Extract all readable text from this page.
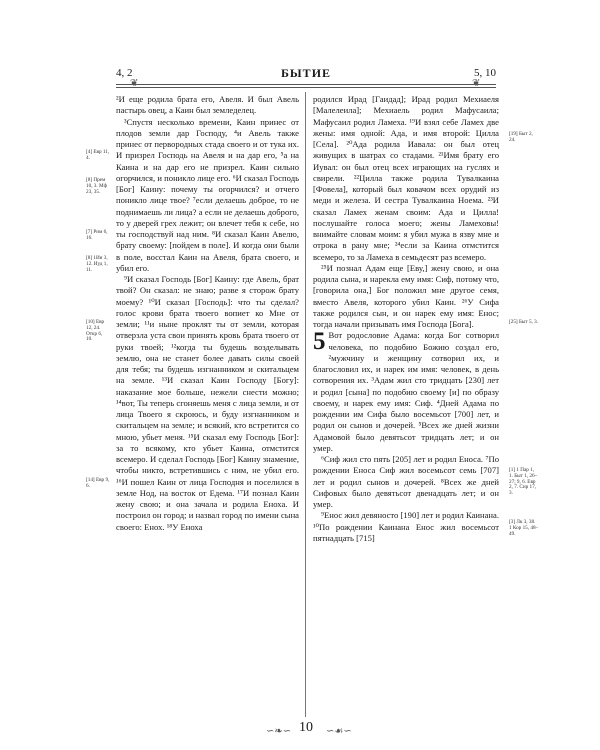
4, 2	БЫТИЕ	5, 10
❦	❦
[4] Евр 11, 4.
[8] Прем 10, 3. Мф 23, 35.
[7] Рим 6, 16.
[8] 1Ин 3, 12. Иуд 1, 11.
[10] Евр 12, 24. Откр 6, 10.
[14] Евр 9, 6.
[19] Быт 2, 24.
[25] Быт 5, 3.
[1] 1 Пар 1, 1. Быт 1, 26–27; 9, 6. Евр 2, 7. Сир 17, 3.
[3] Лк 3, 38. 1 Кор 15, 48–49.

²И еще родила брата его, Авеля. И был Авель пастырь овец, а Каин был земледелец.

³Спустя несколько времени, Каин принес от плодов земли дар Господу, ⁴и Авель также принес от первородных стада своего и от тука их. И призрел Господь на Авеля и на дар его, ⁵а на Каина и на дар его не призрел. Каин сильно огорчился, и поникло лице его. ⁶И сказал Господь [Бог] Каину: почему ты огорчился? и отчего поникло лице твое? ⁷если делаешь доброе, то не поднимаешь ли лица? а если не делаешь доброго, то у дверей грех лежит; он влечет тебя к себе, но ты господствуй над ним. ⁸И сказал Каин Авелю, брату своему: [пойдем в поле]. И когда они были в поле, восстал Каин на Авеля, брата своего, и убил его.

⁹И сказал Господь [Бог] Каину: где Авель, брат твой? Он сказал: не знаю; разве я сторож брату моему? ¹⁰И сказал [Господь]: что ты сделал? голос крови брата твоего вопиет ко Мне от земли; ¹¹и ныне проклят ты от земли, которая отверзла уста свои принять кровь брата твоего от руки твоей; ¹²когда ты будешь возделывать землю, она не станет более давать силы своей для тебя; ты будешь изгнанником и скитальцем на земле. ¹³И сказал Каин Господу [Богу]: наказание мое больше, нежели снести можно; ¹⁴вот, Ты теперь сгоняешь меня с лица земли, и от лица Твоего я скроюсь, и буду изгнанником и скитальцем на земле; и всякий, кто встретится со мною, убьет меня. ¹⁵И сказал ему Господь [Бог]: за то всякому, кто убьет Каина, отмстится всемеро. И сделал Господь [Бог] Каину знамение, чтобы никто, встретившись с ним, не убил его. ¹⁶И пошел Каин от лица Господня и поселился в земле Нод, на восток от Едема. ¹⁷И познал Каин жену свою; и она зачала и родила Еноха. И построил он город; и назвал город по имени сына своего: Енох. ¹⁸У Еноха

родился Ирад [Гаидад]; Ирад родил Мехиаеля [Малелеила]; Мехиаель родил Мафусаила; Мафусаил родил Ламеха. ¹⁹И взял себе Ламех две жены: имя одной: Ада, и имя второй: Цилла [Села]. ²⁰Ада родила Иавала: он был отец живущих в шатрах со стадами. ²¹Имя брату его Иувал: он был отец всех играющих на гуслях и свирели. ²²Цилла также родила Тувалкаина [Фовела], который был ковачом всех орудий из меди и железа. И сестра Тувалкаина Ноема. ²³И сказал Ламех женам своим: Ада и Цилла! послушайте голоса моего; жены Ламеховы! внимайте словам моим: я убил мужа в язву мне и отрока в рану мне; ²⁴если за Каина отмстится всемеро, то за Ламеха в семьдесят раз всемеро.

²⁵И познал Адам еще [Еву,] жену свою, и она родила сына, и нарекла ему имя: Сиф, потому что, [говорила она,] Бог положил мне другое семя, вместо Авеля, которого убил Каин. ²⁶У Сифа также родился сын, и он нарек ему имя: Енос; тогда начали призывать имя Господа [Бога].

5 Вот родословие Адама: когда Бог сотворил человека, по подобию Божию создал его, ²мужчину и женщину сотворил их, и благословил их, и нарек им имя: человек, в день сотворения их. ³Адам жил сто тридцать [230] лет и родил [сына] по подобию своему [и] по образу своему, и нарек ему имя: Сиф. ⁴Дней Адама по рождении им Сифа было восемьсот [700] лет, и родил он сынов и дочерей. ⁵Всех же дней жизни Адамовой было девятьсот тридцать лет; и он умер.

⁶Сиф жил сто пять [205] лет и родил Еноса. ⁷По рождении Еноса Сиф жил восемьсот семь [707] лет и родил сынов и дочерей. ⁸Всех же дней Сифовых было девятьсот двенадцать лет; и он умер.

⁹Енос жил девяносто [190] лет и родил Каинана. ¹⁰По рождении Каинана Енос жил восемьсот пятнадцать [715]

∽❧∽ 10	∽☙∽
